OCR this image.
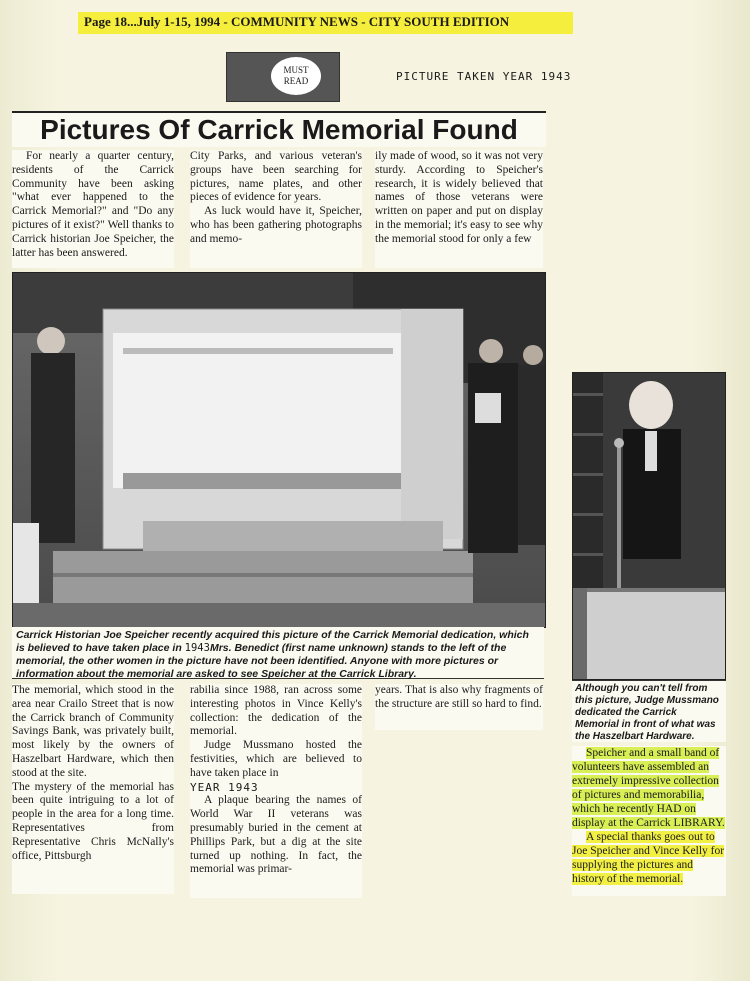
Page 18...July 1-15, 1994 - COMMUNITY NEWS - CITY SOUTH EDITION
MUST READ	PICTURE TAKEN YEAR 1943
Pictures Of Carrick Memorial Found

For nearly a quarter century, residents of the Carrick Community have been asking "what ever happened to the Carrick Memorial?" and "Do any pictures of it exist?" Well thanks to Carrick historian Joe Speicher, the latter has been answered.

City Parks, and various veteran's groups have been searching for pictures, name plates, and other pieces of evidence for years.

As luck would have it, Speicher, who has been gathering photographs and memo-

ily made of wood, so it was not very sturdy. According to Speicher's research, it is widely believed that names of those veterans were written on paper and put on display in the memorial; it's easy to see why the memorial stood for only a few

Carrick Historian Joe Speicher recently acquired this picture of the Carrick Memorial dedication, which is believed to have taken place in 1943Mrs. Benedict (first name unknown) stands to the left of the memorial, the other women in the picture have not been identified. Anyone with more pictures or information about the memorial are asked to see Speicher at the Carrick Library.

The memorial, which stood in the area near Crailo Street that is now the Carrick branch of Community Savings Bank, was privately built, most likely by the owners of Haszelbart Hardware, which then stood at the site.

The mystery of the memorial has been quite intriguing to a lot of people in the area for a long time. Representatives from Representative Chris McNally's office, Pittsburgh

rabilia since 1988, ran across some interesting photos in Vince Kelly's collection: the dedication of the memorial.

Judge Mussmano hosted the festivities, which are believed to have taken place in

YEAR 1943

A plaque bearing the names of World War II veterans was presumably buried in the cement at Phillips Park, but a dig at the site turned up nothing. In fact, the memorial was primar-

years. That is also why fragments of the structure are still so hard to find.

Although you can't tell from this picture, Judge Mussmano dedicated the Carrick Memorial in front of what was the Haszelbart Hardware.

Speicher and a small band of volunteers have assembled an extremely impressive collection of pictures and memorabilia, which he recently HAD on display at the Carrick LIBRARY.

A special thanks goes out to Joe Speicher and Vince Kelly for supplying the pictures and history of the memorial.
